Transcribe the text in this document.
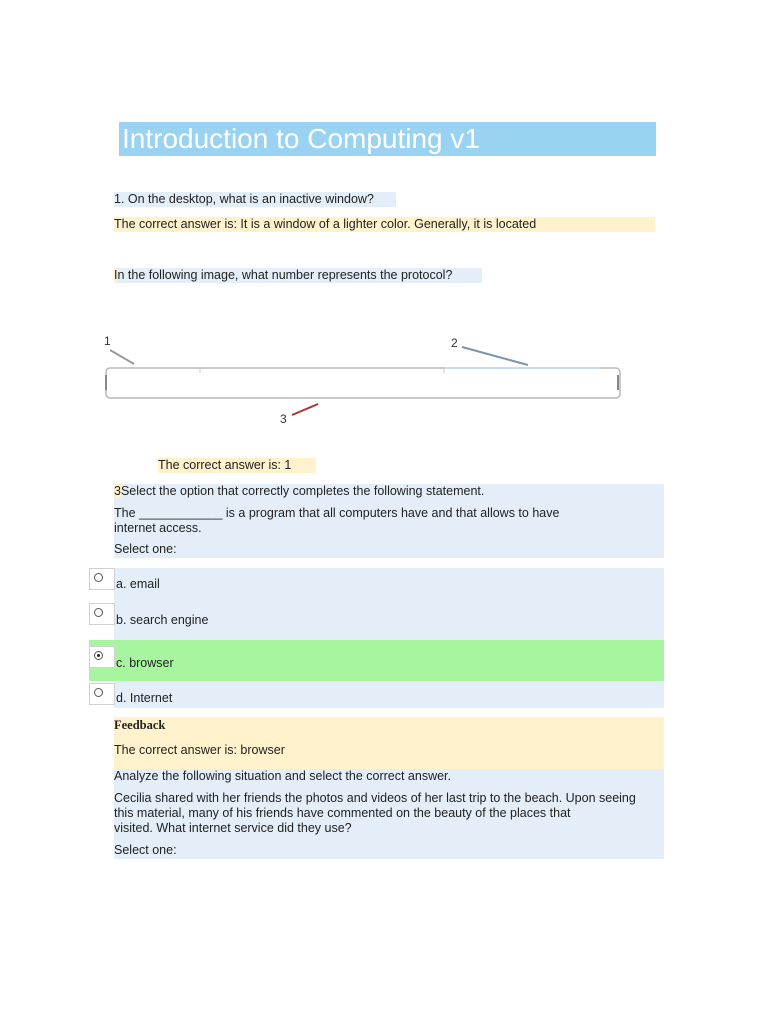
Introduction to Computing v1
1. On the desktop, what is an inactive window?
The correct answer is: It is a window of a lighter color. Generally, it is located
In the following image, what number represents the protocol?
1	2
3
The correct answer is: 1
3Select the option that correctly completes the following statement.
The ____________ is a program that all computers have and that allows to have
internet access.
Select one:
a. email
b. search engine
c. browser
d. Internet
Feedback
The correct answer is: browser
Analyze the following situation and select the correct answer.
Cecilia shared with her friends the photos and videos of her last trip to the beach. Upon seeing
this material, many of his friends have commented on the beauty of the places that
visited. What internet service did they use?
Select one:
